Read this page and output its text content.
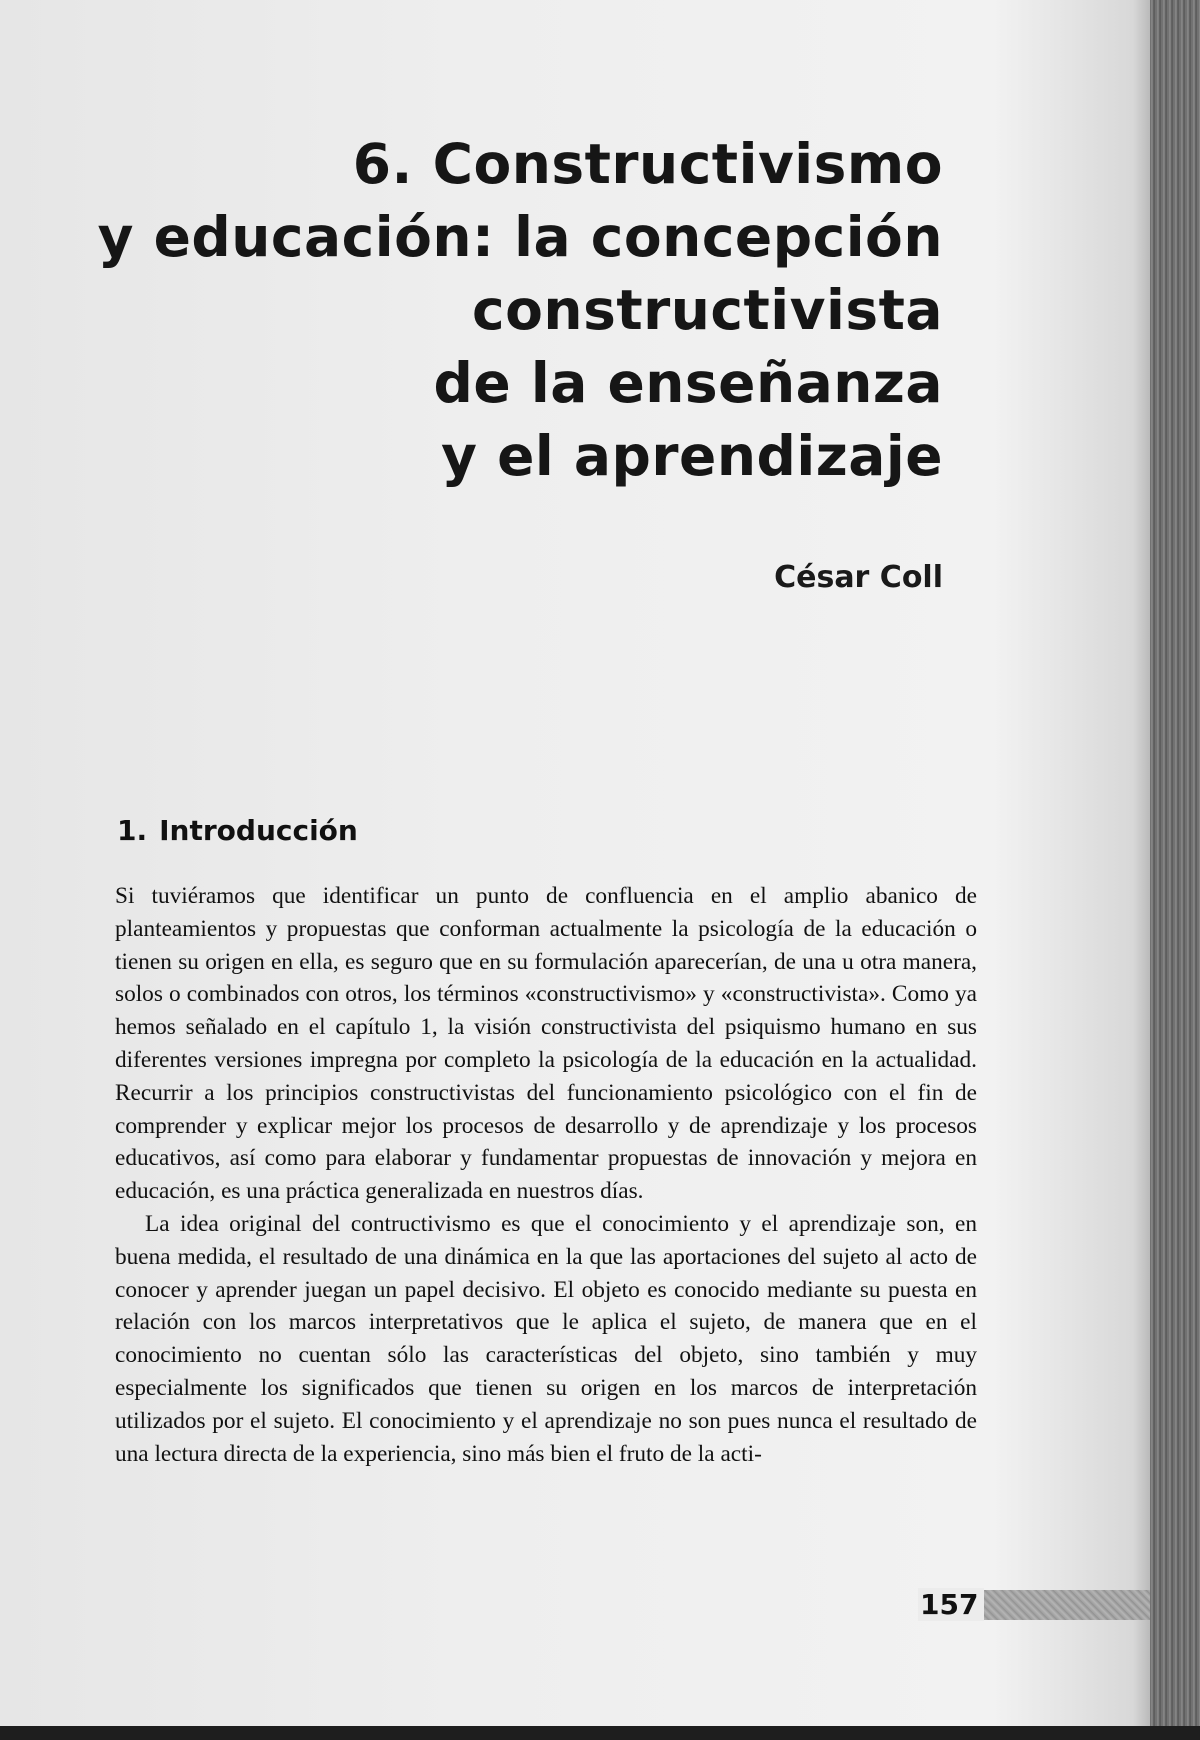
6. Constructivismo
y educación: la concepción
constructivista
de la enseñanza
y el aprendizaje
César Coll
1. Introducción

Si tuviéramos que identificar un punto de confluencia en el amplio abanico de planteamientos y propuestas que conforman actualmente la psicología de la educación o tienen su origen en ella, es seguro que en su formulación aparecerían, de una u otra manera, solos o combinados con otros, los términos «constructivismo» y «constructivista». Como ya hemos señalado en el capítulo 1, la visión constructivista del psiquismo humano en sus diferentes versiones impregna por completo la psicología de la educación en la actualidad. Recurrir a los principios constructivistas del funcionamiento psicológico con el fin de comprender y explicar mejor los procesos de desarrollo y de aprendizaje y los procesos educativos, así como para elaborar y fundamentar propuestas de innovación y mejora en educación, es una práctica generalizada en nuestros días.

La idea original del contructivismo es que el conocimiento y el aprendizaje son, en buena medida, el resultado de una dinámica en la que las aportaciones del sujeto al acto de conocer y aprender juegan un papel decisivo. El objeto es conocido mediante su puesta en relación con los marcos interpretativos que le aplica el sujeto, de manera que en el conocimiento no cuentan sólo las características del objeto, sino también y muy especialmente los significados que tienen su origen en los marcos de interpretación utilizados por el sujeto. El conocimiento y el aprendizaje no son pues nunca el resultado de una lectura directa de la experiencia, sino más bien el fruto de la acti-

157
